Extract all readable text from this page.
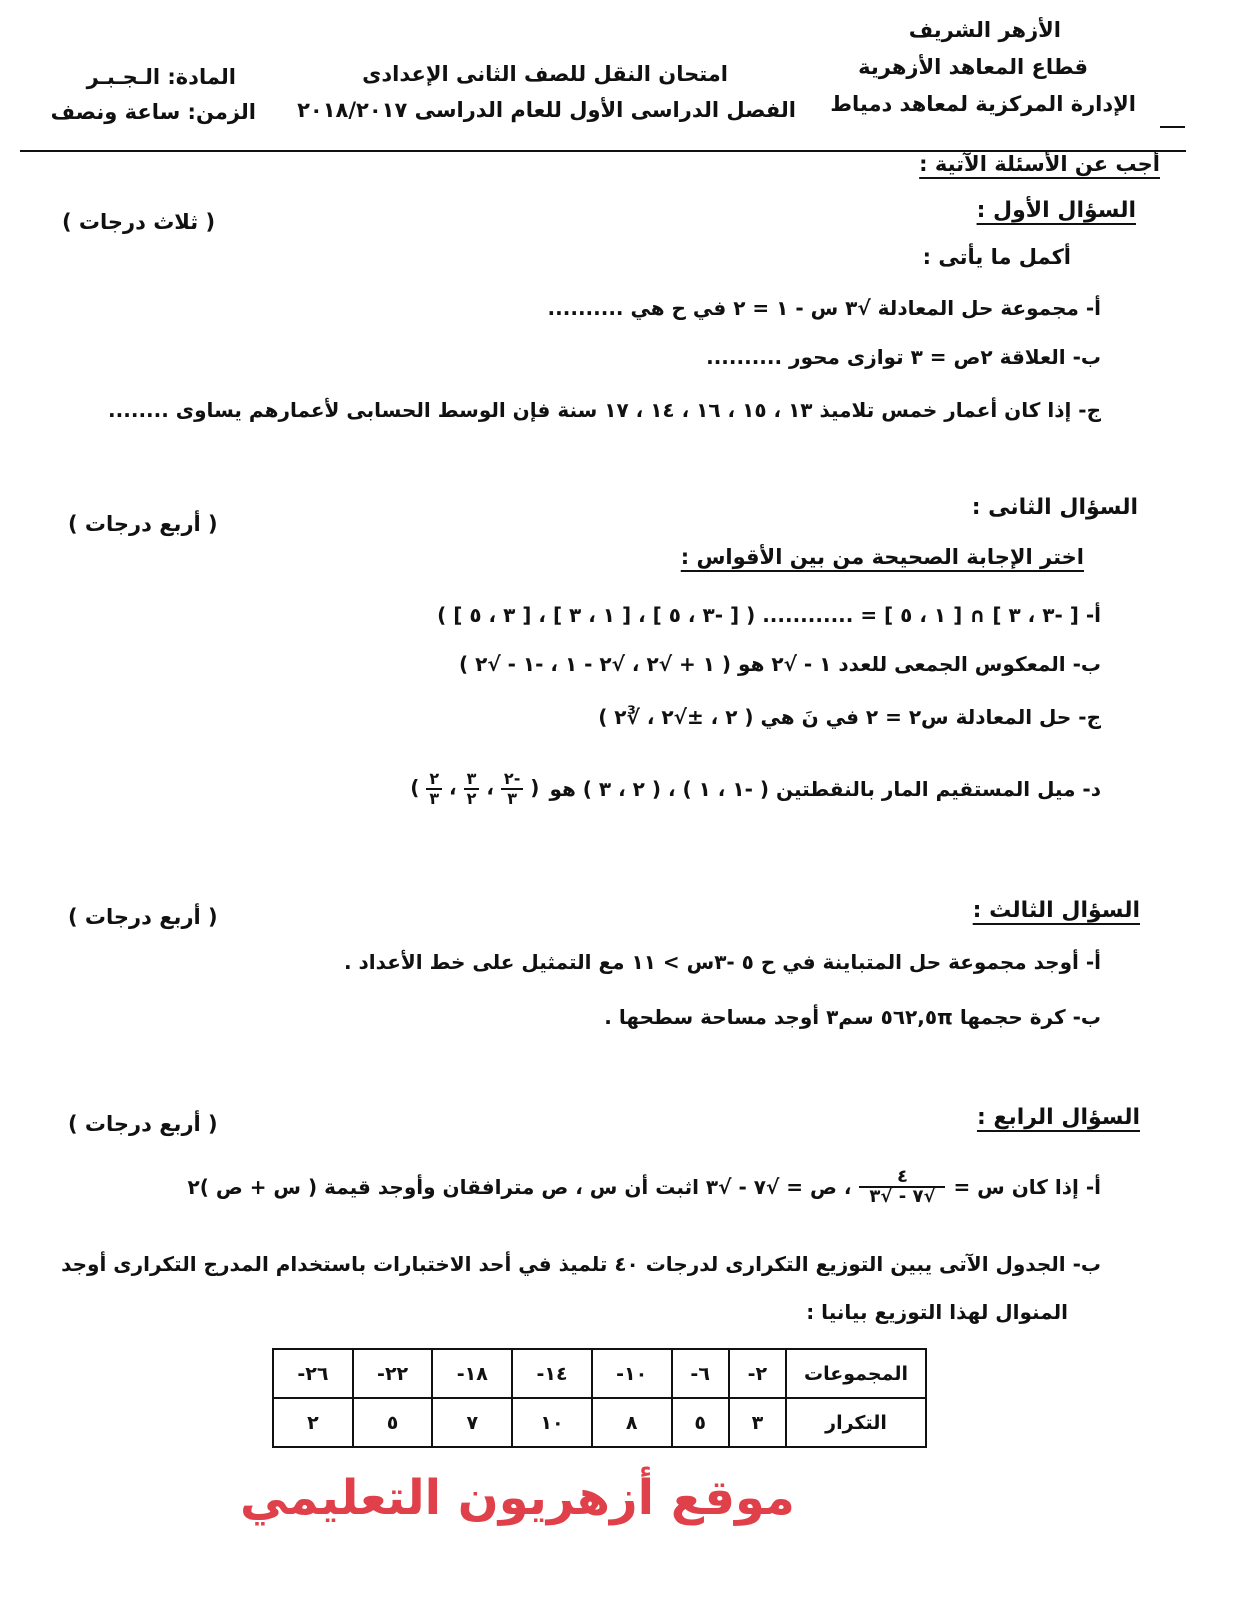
الأزهر الشريف
قطاع المعاهد الأزهرية
الإدارة المركزية لمعاهد دمياط
امتحان النقل للصف الثانى الإعدادى
الفصل الدراسى الأول للعام الدراسى ٢٠١٨/٢٠١٧
المادة: الـجـبـر
الزمن: ساعة ونصف
أجب عن الأسئلة الآتية :
السؤال الأول :
( ثلاث درجات )
أكمل ما يأتى :
أ- مجموعة حل المعادلة √٣ س - ١ = ٢ في ح هي ..........
ب- العلاقة ٢ص = ٣ توازى محور ..........
ج- إذا كان أعمار خمس تلاميذ ١٣ ، ١٥ ، ١٦ ، ١٤ ، ١٧ سنة فإن الوسط الحسابى لأعمارهم يساوى ........
السؤال الثانى :
( أربع درجات )
اختر الإجابة الصحيحة من بين الأقواس :
أ- [ -٣ ، ٣ ] ∩ [ ١ ، ٥ ] = ............ ( [ -٣ ، ٥ ] ، [ ١ ، ٣ ] ، [ ٣ ، ٥ ] )
ب- المعكوس الجمعى للعدد ١ - √٢ هو ( ١ + √٢ ، √٢ - ١ ، -١ - √٢ )
ج- حل المعادلة س٢ = ٢ في نَ هي ( ٢ ، ±√٢ ، ∛٢ )
د- ميل المستقيم المار بالنقطتين ( -١ ، ١ ) ، ( ٢ ، ٣ ) هو
(
$\frac{-٢}{٣}$
،
$\frac{٣}{٢}$
،
$\frac{٢}{٣}$
)
السؤال الثالث :
( أربع درجات )
أ- أوجد مجموعة حل المتباينة في ح ٥ -٣س > ١١ مع التمثيل على خط الأعداد .
ب- كرة حجمها ٥٦٢,٥π سم٣ أوجد مساحة سطحها .
السؤال الرابع :
( أربع درجات )
أ- إذا كان س =
$\frac{٤}{√٧ - √٣}$
، ص = √٧ - √٣ اثبت أن س ، ص مترافقان وأوجد قيمة ( س + ص )٢
ب- الجدول الآتى يبين التوزيع التكرارى لدرجات ٤٠ تلميذ في أحد الاختبارات باستخدام المدرج التكرارى أوجد
المنوال لهذا التوزيع بيانيا :
المجموعات	٢-	٦-	١٠-	١٤-	١٨-	٢٢-	٢٦-
التكرار	٣	٥	٨	١٠	٧	٥	٢
موقع أزهريون التعليمي
